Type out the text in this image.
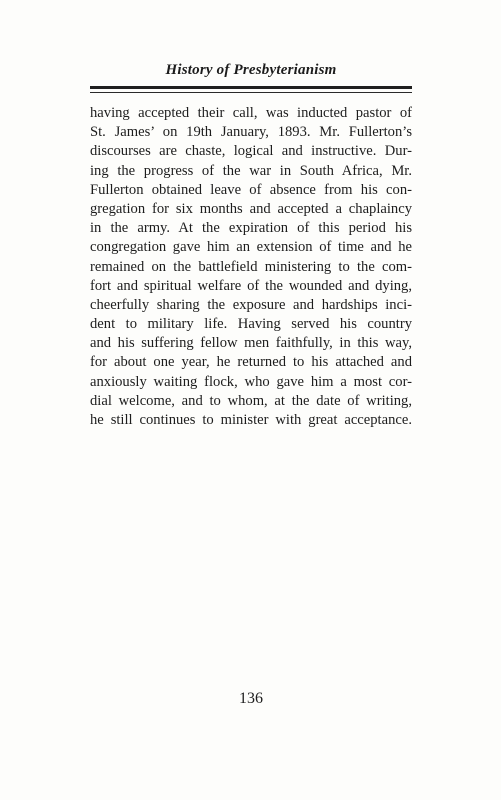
History of Presbyterianism
having accepted their call, was inducted pastor of
St. James’ on 19th January, 1893. Mr. Fullerton’s
discourses are chaste, logical and instructive. Dur-
ing the progress of the war in South Africa, Mr.
Fullerton obtained leave of absence from his con-
gregation for six months and accepted a chaplaincy
in the army. At the expiration of this period his
congregation gave him an extension of time and he
remained on the battlefield ministering to the com-
fort and spiritual welfare of the wounded and dying,
cheerfully sharing the exposure and hardships inci-
dent to military life. Having served his country
and his suffering fellow men faithfully, in this way,
for about one year, he returned to his attached and
anxiously waiting flock, who gave him a most cor-
dial welcome, and to whom, at the date of writing,
he still continues to minister with great acceptance.
136
